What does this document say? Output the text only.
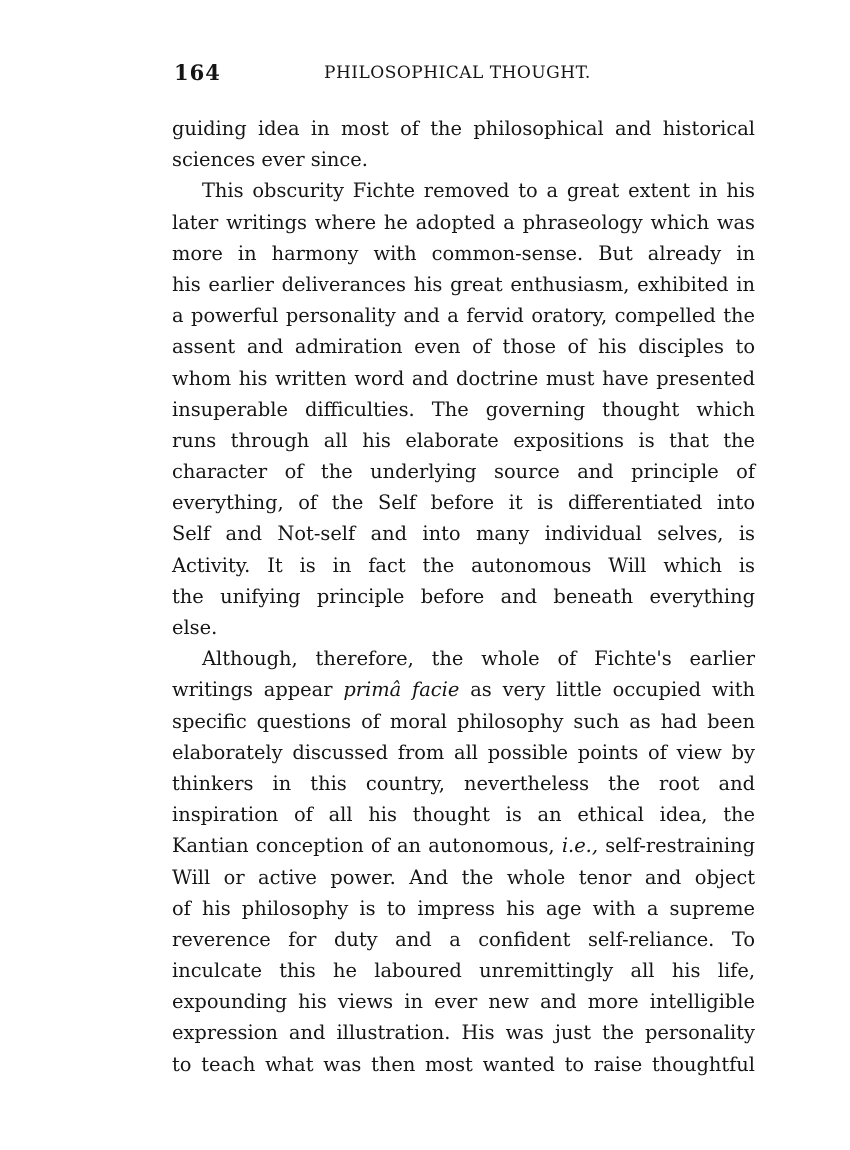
164	PHILOSOPHICAL THOUGHT.
guiding idea in most of the philosophical and historical
sciences ever since.
This obscurity Fichte removed to a great extent in his
later writings where he adopted a phraseology which was
more in harmony with common-sense. But already in
his earlier deliverances his great enthusiasm, exhibited in
a powerful personality and a fervid oratory, compelled the
assent and admiration even of those of his disciples to
whom his written word and doctrine must have presented
insuperable difficulties. The governing thought which
runs through all his elaborate expositions is that the
character of the underlying source and principle of
everything, of the Self before it is differentiated into
Self and Not-self and into many individual selves, is
Activity. It is in fact the autonomous Will which is
the unifying principle before and beneath everything
else.
Although, therefore, the whole of Fichte's earlier
writings appear primâ facie as very little occupied with
specific questions of moral philosophy such as had been
elaborately discussed from all possible points of view by
thinkers in this country, nevertheless the root and
inspiration of all his thought is an ethical idea, the
Kantian conception of an autonomous, i.e., self-restraining
Will or active power. And the whole tenor and object
of his philosophy is to impress his age with a supreme
reverence for duty and a confident self-reliance. To
inculcate this he laboured unremittingly all his life,
expounding his views in ever new and more intelligible
expression and illustration. His was just the personality
to teach what was then most wanted to raise thoughtful
